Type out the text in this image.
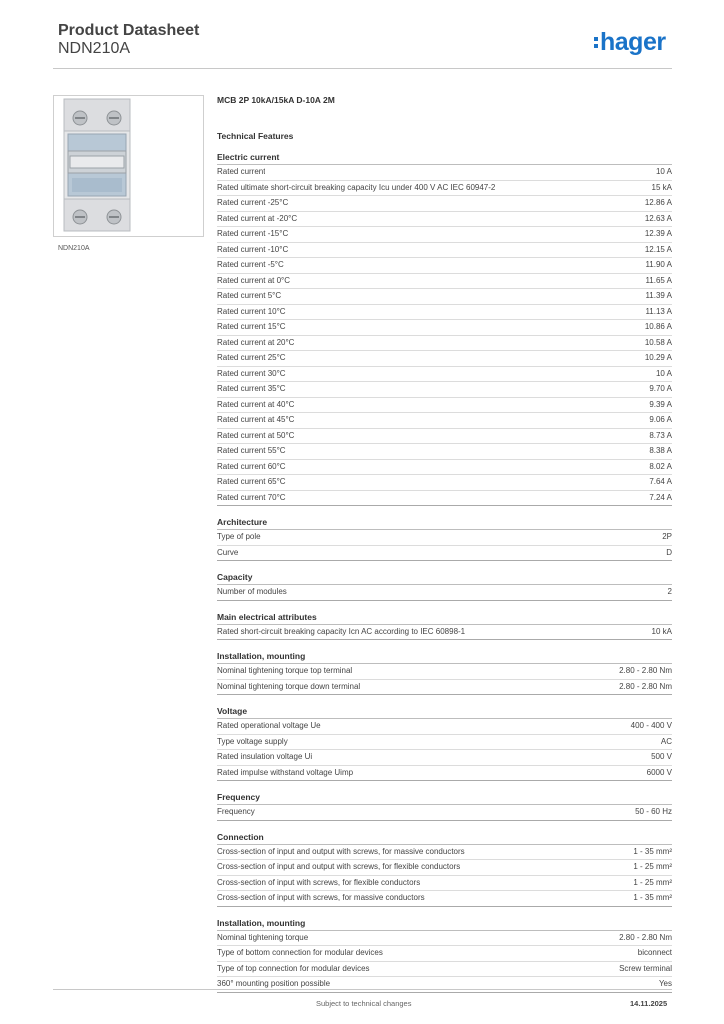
Product Datasheet
NDN210A	hager
NDN210A
MCB 2P 10kA/15kA D-10A 2M
Technical Features
Electric current
Rated current	10 A
Rated ultimate short-circuit breaking capacity Icu under 400 V AC IEC 60947-2	15 kA
Rated current -25°C	12.86 A
Rated current at -20°C	12.63 A
Rated current -15°C	12.39 A
Rated current -10°C	12.15 A
Rated current -5°C	11.90 A
Rated current at 0°C	11.65 A
Rated current 5°C	11.39 A
Rated current 10°C	11.13 A
Rated current 15°C	10.86 A
Rated current at 20°C	10.58 A
Rated current 25°C	10.29 A
Rated current 30°C	10 A
Rated current 35°C	9.70 A
Rated current at 40°C	9.39 A
Rated current at 45°C	9.06 A
Rated current at 50°C	8.73 A
Rated current 55°C	8.38 A
Rated current 60°C	8.02 A
Rated current 65°C	7.64 A
Rated current 70°C	7.24 A
Architecture
Type of pole	2P
Curve	D
Capacity
Number of modules	2
Main electrical attributes
Rated short-circuit breaking capacity Icn AC according to IEC 60898-1	10 kA
Installation, mounting
Nominal tightening torque top terminal	2.80 - 2.80 Nm
Nominal tightening torque down terminal	2.80 - 2.80 Nm
Voltage
Rated operational voltage Ue	400 - 400 V
Type voltage supply	AC
Rated insulation voltage Ui	500 V
Rated impulse withstand voltage Uimp	6000 V
Frequency
Frequency	50 - 60 Hz
Connection
Cross-section of input and output with screws, for massive conductors	1 - 35 mm²
Cross-section of input and output with screws, for flexible conductors	1 - 25 mm²
Cross-section of input with screws, for flexible conductors	1 - 25 mm²
Cross-section of input with screws, for massive conductors	1 - 35 mm²
Installation, mounting
Nominal tightening torque	2.80 - 2.80 Nm
Type of bottom connection for modular devices	biconnect
Type of top connection for modular devices	Screw terminal
360° mounting position possible	Yes
Subject to technical changes	14.11.2025
